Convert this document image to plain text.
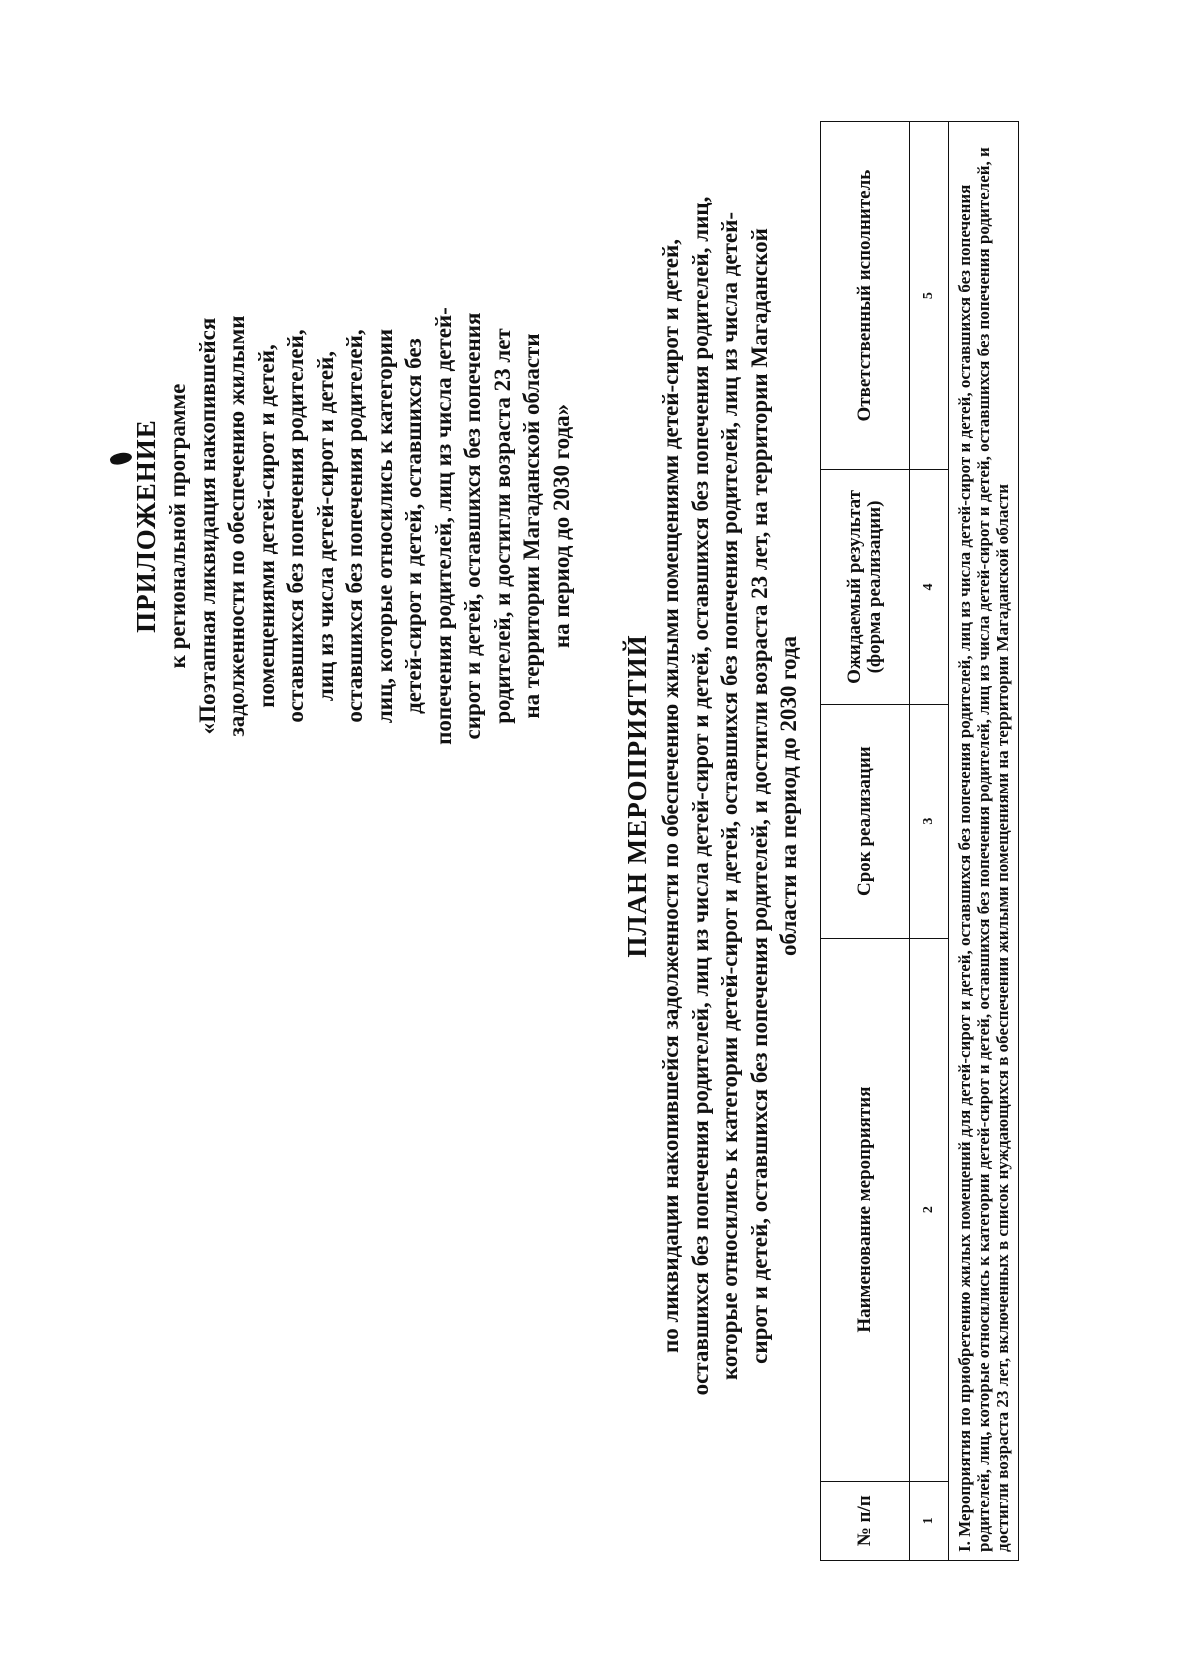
ПРИЛОЖЕНИЕ к региональной программе «Поэтапная ликвидация накопившейся задолженности по обеспечению жилыми помещениями детей-сирот и детей, оставшихся без попечения родителей, лиц из числа детей-сирот и детей, оставшихся без попечения родителей, лиц, которые относились к категории детей-сирот и детей, оставшихся без попечения родителей, лиц из числа детей- сирот и детей, оставшихся без попечения родителей, и достигли возраста 23 лет на территории Магаданской области на период до 2030 года»
ПЛАН МЕРОПРИЯТИЙ по ликвидации накопившейся задолженности по обеспечению жилыми помещениями детей-сирот и детей, оставшихся без попечения родителей, лиц из числа детей-сирот и детей, оставшихся без попечения родителей, лиц, которые относились к категории детей-сирот и детей, оставшихся без попечения родителей, лиц из числа детей- сирот и детей, оставшихся без попечения родителей, и достигли возраста 23 лет, на территории Магаданской области на период до 2030 года
№ п/п	Наименование мероприятия	Срок реализации	Ожидаемый результат (форма реализации)	Ответственный исполнитель
1	2	3	4	5
I. Мероприятия по приобретению жилых помещений для детей-сирот и детей, оставшихся без попечения родителей, лиц из числа детей-сирот и детей, оставшихся без попечения родителей, лиц, которые относились к категории детей-сирот и детей, оставшихся без попечения родителей, лиц из числа детей-сирот и детей, оставшихся без попечения родителей, и достигли возраста 23 лет, включенных в список нуждающихся в обеспечении жилыми помещениями на территории Магаданской области				
